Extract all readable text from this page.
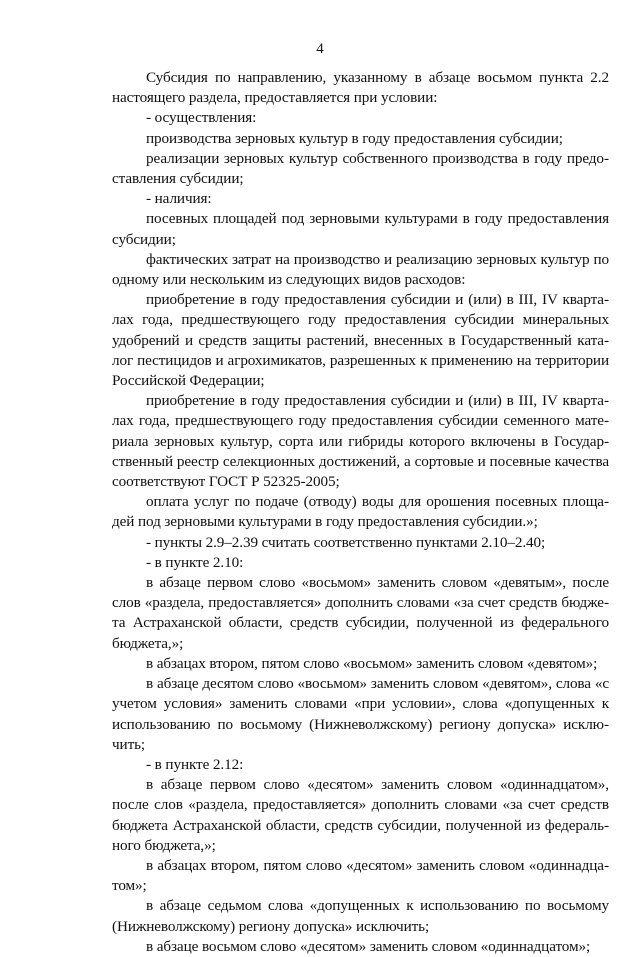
4

Субсидия по направлению, указанному в абзаце восьмом пункта 2.2 настоящего раздела, предоставляется при условии:

- осуществления:

производства зерновых культур в году предоставления субсидии;

реализации зерновых культур собственного производства в году предоставления субсидии;

- наличия:

посевных площадей под зерновыми культурами в году предоставления субсидии;

фактических затрат на производство и реализацию зерновых культур по одному или нескольким из следующих видов расходов:

приобретение в году предоставления субсидии и (или) в III, IV кварталах года, предшествующего году предоставления субсидии минеральных удобрений и средств защиты растений, внесенных в Государственный каталог пестицидов и агрохимикатов, разрешенных к применению на территории Российской Федерации;

приобретение в году предоставления субсидии и (или) в III, IV кварталах года, предшествующего году предоставления субсидии семенного материала зерновых культур, сорта или гибриды которого включены в Государственный реестр селекционных достижений, а сортовые и посевные качества соответствуют ГОСТ Р 52325-2005;

оплата услуг по подаче (отводу) воды для орошения посевных площадей под зерновыми культурами в году предоставления субсидии.»;

- пункты 2.9–2.39 считать соответственно пунктами 2.10–2.40;

- в пункте 2.10:

в абзаце первом слово «восьмом» заменить словом «девятым», после слов «раздела, предоставляется» дополнить словами «за счет средств бюджета Астраханской области, средств субсидии, полученной из федерального бюджета,»;

в абзацах втором, пятом слово «восьмом» заменить словом «девятом»;

в абзаце десятом слово «восьмом» заменить словом «девятом», слова «с учетом условия» заменить словами «при условии», слова «допущенных к использованию по восьмому (Нижневолжскому) региону допуска» исключить;

- в пункте 2.12:

в абзаце первом слово «десятом» заменить словом «одиннадцатом», после слов «раздела, предоставляется» дополнить словами «за счет средств бюджета Астраханской области, средств субсидии, полученной из федерального бюджета,»;

в абзацах втором, пятом слово «десятом» заменить словом «одиннадцатом»;

в абзаце седьмом слова «допущенных к использованию по восьмому (Нижневолжскому) региону допуска» исключить;

в абзаце восьмом слово «десятом» заменить словом «одиннадцатом»;
